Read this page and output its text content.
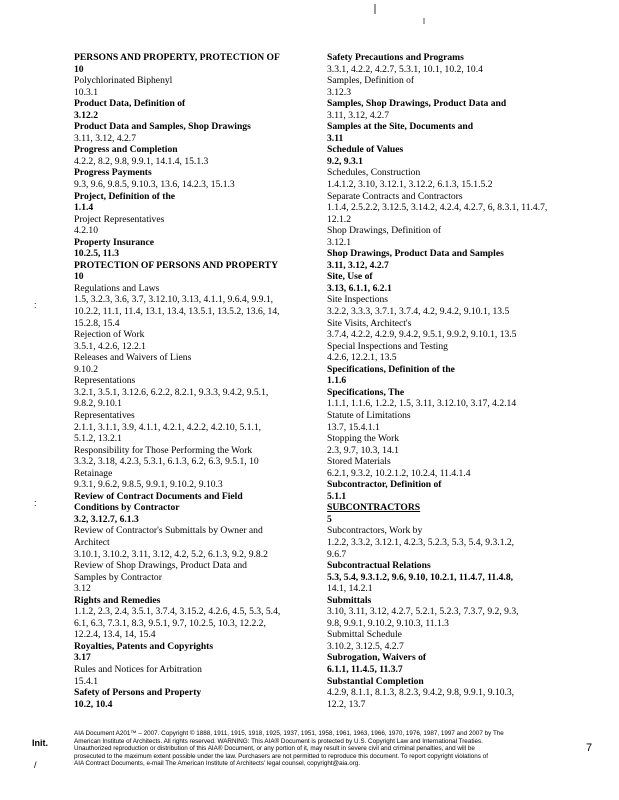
:
:
PERSONS AND PROPERTY, PROTECTION OF
10
Polychlorinated Biphenyl
10.3.1
Product Data, Definition of
3.12.2
Product Data and Samples, Shop Drawings
3.11, 3.12, 4.2.7
Progress and Completion
4.2.2, 8.2, 9.8, 9.9.1, 14.1.4, 15.1.3
Progress Payments
9.3, 9.6, 9.8.5, 9.10.3, 13.6, 14.2.3, 15.1.3
Project, Definition of the
1.1.4
Project Representatives
4.2.10
Property Insurance
10.2.5, 11.3
PROTECTION OF PERSONS AND PROPERTY
10
Regulations and Laws
1.5, 3.2.3, 3.6, 3.7, 3.12.10, 3.13, 4.1.1, 9.6.4, 9.9.1,
10.2.2, 11.1, 11.4, 13.1, 13.4, 13.5.1, 13.5.2, 13.6, 14,
15.2.8, 15.4
Rejection of Work
3.5.1, 4.2.6, 12.2.1
Releases and Waivers of Liens
9.10.2
Representations
3.2.1, 3.5.1, 3.12.6, 6.2.2, 8.2.1, 9.3.3, 9.4.2, 9.5.1,
9.8.2, 9.10.1
Representatives
2.1.1, 3.1.1, 3.9, 4.1.1, 4.2.1, 4.2.2, 4.2.10, 5.1.1,
5.1.2, 13.2.1
Responsibility for Those Performing the Work
3.3.2, 3.18, 4.2.3, 5.3.1, 6.1.3, 6.2, 6.3, 9.5.1, 10
Retainage
9.3.1, 9.6.2, 9.8.5, 9.9.1, 9.10.2, 9.10.3
Review of Contract Documents and Field
Conditions by Contractor
3.2, 3.12.7, 6.1.3
Review of Contractor's Submittals by Owner and
Architect
3.10.1, 3.10.2, 3.11, 3.12, 4.2, 5.2, 6.1.3, 9.2, 9.8.2
Review of Shop Drawings, Product Data and
Samples by Contractor
3.12
Rights and Remedies
1.1.2, 2.3, 2.4, 3.5.1, 3.7.4, 3.15.2, 4.2.6, 4.5, 5.3, 5.4,
6.1, 6.3, 7.3.1, 8.3, 9.5.1, 9.7, 10.2.5, 10.3, 12.2.2,
12.2.4, 13.4, 14, 15.4
Royalties, Patents and Copyrights
3.17
Rules and Notices for Arbitration
15.4.1
Safety of Persons and Property
10.2, 10.4
Safety Precautions and Programs
3.3.1, 4.2.2, 4.2.7, 5.3.1, 10.1, 10.2, 10.4
Samples, Definition of
3.12.3
Samples, Shop Drawings, Product Data and
3.11, 3.12, 4.2.7
Samples at the Site, Documents and
3.11
Schedule of Values
9.2, 9.3.1
Schedules, Construction
1.4.1.2, 3.10, 3.12.1, 3.12.2, 6.1.3, 15.1.5.2
Separate Contracts and Contractors
1.1.4, 2.5.2.2, 3.12.5, 3.14.2, 4.2.4, 4.2.7, 6, 8.3.1, 11.4.7,
12.1.2
Shop Drawings, Definition of
3.12.1
Shop Drawings, Product Data and Samples
3.11, 3.12, 4.2.7
Site, Use of
3.13, 6.1.1, 6.2.1
Site Inspections
3.2.2, 3.3.3, 3.7.1, 3.7.4, 4.2, 9.4.2, 9.10.1, 13.5
Site Visits, Architect's
3.7.4, 4.2.2, 4.2.9, 9.4.2, 9.5.1, 9.9.2, 9.10.1, 13.5
Special Inspections and Testing
4.2.6, 12.2.1, 13.5
Specifications, Definition of the
1.1.6
Specifications, The
1.1.1, 1.1.6, 1.2.2, 1.5, 3.11, 3.12.10, 3.17, 4.2.14
Statute of Limitations
13.7, 15.4.1.1
Stopping the Work
2.3, 9.7, 10.3, 14.1
Stored Materials
6.2.1, 9.3.2, 10.2.1.2, 10.2.4, 11.4.1.4
Subcontractor, Definition of
5.1.1
SUBCONTRACTORS
5
Subcontractors, Work by
1.2.2, 3.3.2, 3.12.1, 4.2.3, 5.2.3, 5.3, 5.4, 9.3.1.2,
9.6.7
Subcontractual Relations
5.3, 5.4, 9.3.1.2, 9.6, 9.10, 10.2.1, 11.4.7, 11.4.8,
14.1, 14.2.1
Submittals
3.10, 3.11, 3.12, 4.2.7, 5.2.1, 5.2.3, 7.3.7, 9.2, 9.3,
9.8, 9.9.1, 9.10.2, 9.10.3, 11.1.3
Submittal Schedule
3.10.2, 3.12.5, 4.2.7
Subrogation, Waivers of
6.1.1, 11.4.5, 11.3.7
Substantial Completion
4.2.9, 8.1.1, 8.1.3, 8.2.3, 9.4.2, 9.8, 9.9.1, 9.10.3,
12.2, 13.7
Init.
/
AIA Document A201™ – 2007. Copyright © 1888, 1911, 1915, 1918, 1925, 1937, 1951, 1958, 1961, 1963, 1966, 1970, 1976, 1987, 1997 and 2007 by The
American Institute of Architects. All rights reserved. WARNING: This AIA® Document is protected by U.S. Copyright Law and International Treaties.
Unauthorized reproduction or distribution of this AIA® Document, or any portion of it, may result in severe civil and criminal penalties, and will be
prosecuted to the maximum extent possible under the law. Purchasers are not permitted to reproduce this document. To report copyright violations of
AIA Contract Documents, e-mail The American Institute of Architects' legal counsel, copyright@aia.org.
7
